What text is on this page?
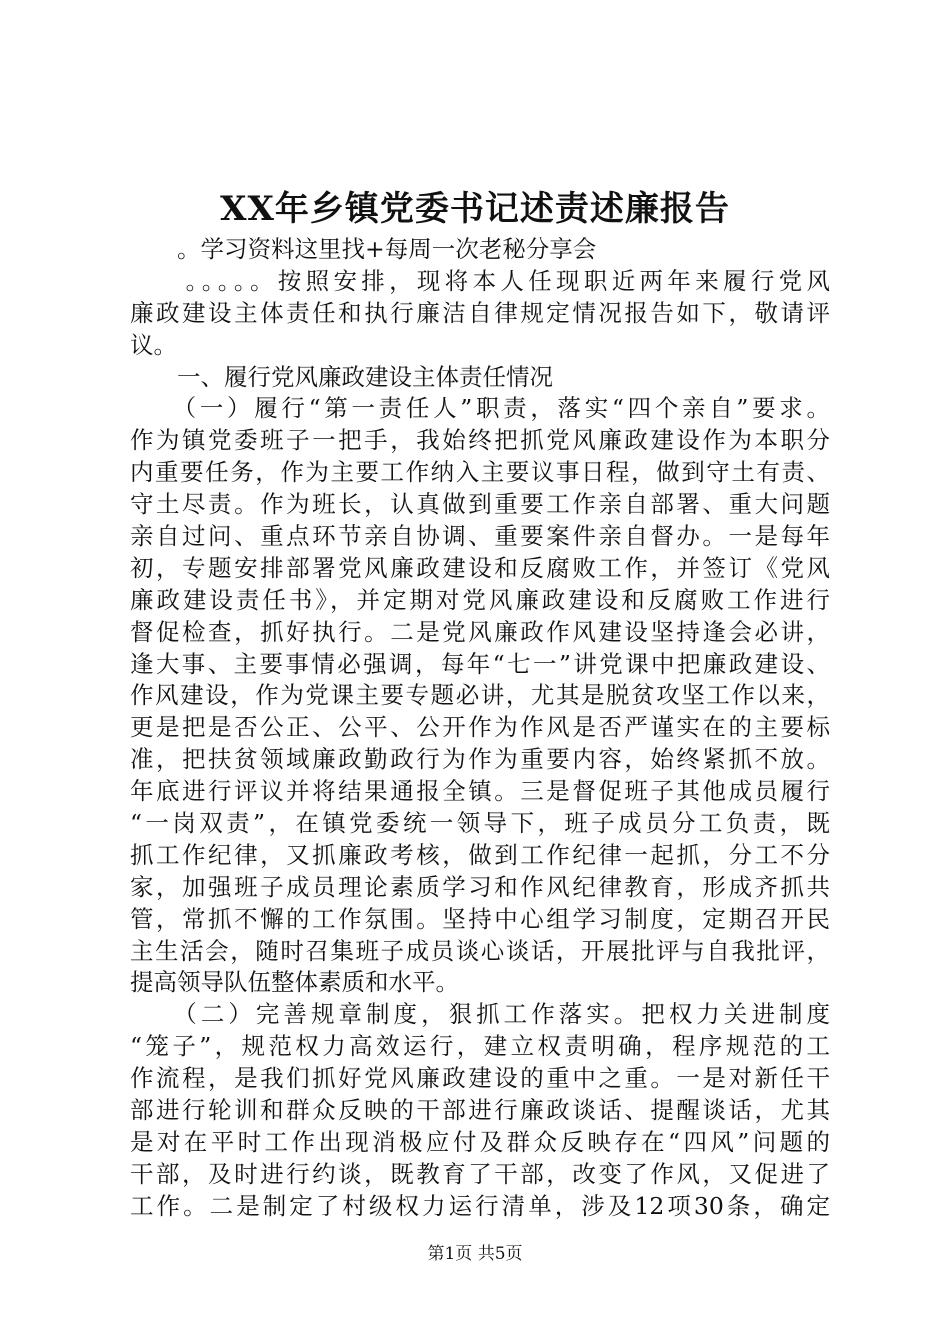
XX年乡镇党委书记述责述廉报告
　　。学习资料这里找+每周一次老秘分享会
　　。。。。。按照安排，现将本人任现职近两年来履行党风
廉政建设主体责任和执行廉洁自律规定情况报告如下，敬请评
议。
　　一、履行党风廉政建设主体责任情况
　　（一）履行“第一责任人”职责，落实“四个亲自”要求。
作为镇党委班子一把手，我始终把抓党风廉政建设作为本职分
内重要任务，作为主要工作纳入主要议事日程，做到守土有责、
守土尽责。作为班长，认真做到重要工作亲自部署、重大问题
亲自过问、重点环节亲自协调、重要案件亲自督办。一是每年
初，专题安排部署党风廉政建设和反腐败工作，并签订《党风
廉政建设责任书》，并定期对党风廉政建设和反腐败工作进行
督促检查，抓好执行。二是党风廉政作风建设坚持逢会必讲，
逢大事、主要事情必强调，每年“七一”讲党课中把廉政建设、
作风建设，作为党课主要专题必讲，尤其是脱贫攻坚工作以来，
更是把是否公正、公平、公开作为作风是否严谨实在的主要标
准，把扶贫领域廉政勤政行为作为重要内容，始终紧抓不放。
年底进行评议并将结果通报全镇。三是督促班子其他成员履行
“一岗双责”，在镇党委统一领导下，班子成员分工负责，既
抓工作纪律，又抓廉政考核，做到工作纪律一起抓，分工不分
家，加强班子成员理论素质学习和作风纪律教育，形成齐抓共
管，常抓不懈的工作氛围。坚持中心组学习制度，定期召开民
主生活会，随时召集班子成员谈心谈话，开展批评与自我批评，
提高领导队伍整体素质和水平。
　　（二）完善规章制度，狠抓工作落实。把权力关进制度
“笼子”，规范权力高效运行，建立权责明确，程序规范的工
作流程，是我们抓好党风廉政建设的重中之重。一是对新任干
部进行轮训和群众反映的干部进行廉政谈话、提醒谈话，尤其
是对在平时工作出现消极应付及群众反映存在“四风”问题的
干部，及时进行约谈，既教育了干部，改变了作风，又促进了
工作。二是制定了村级权力运行清单，涉及12项30条，确定
第1页 共5页
